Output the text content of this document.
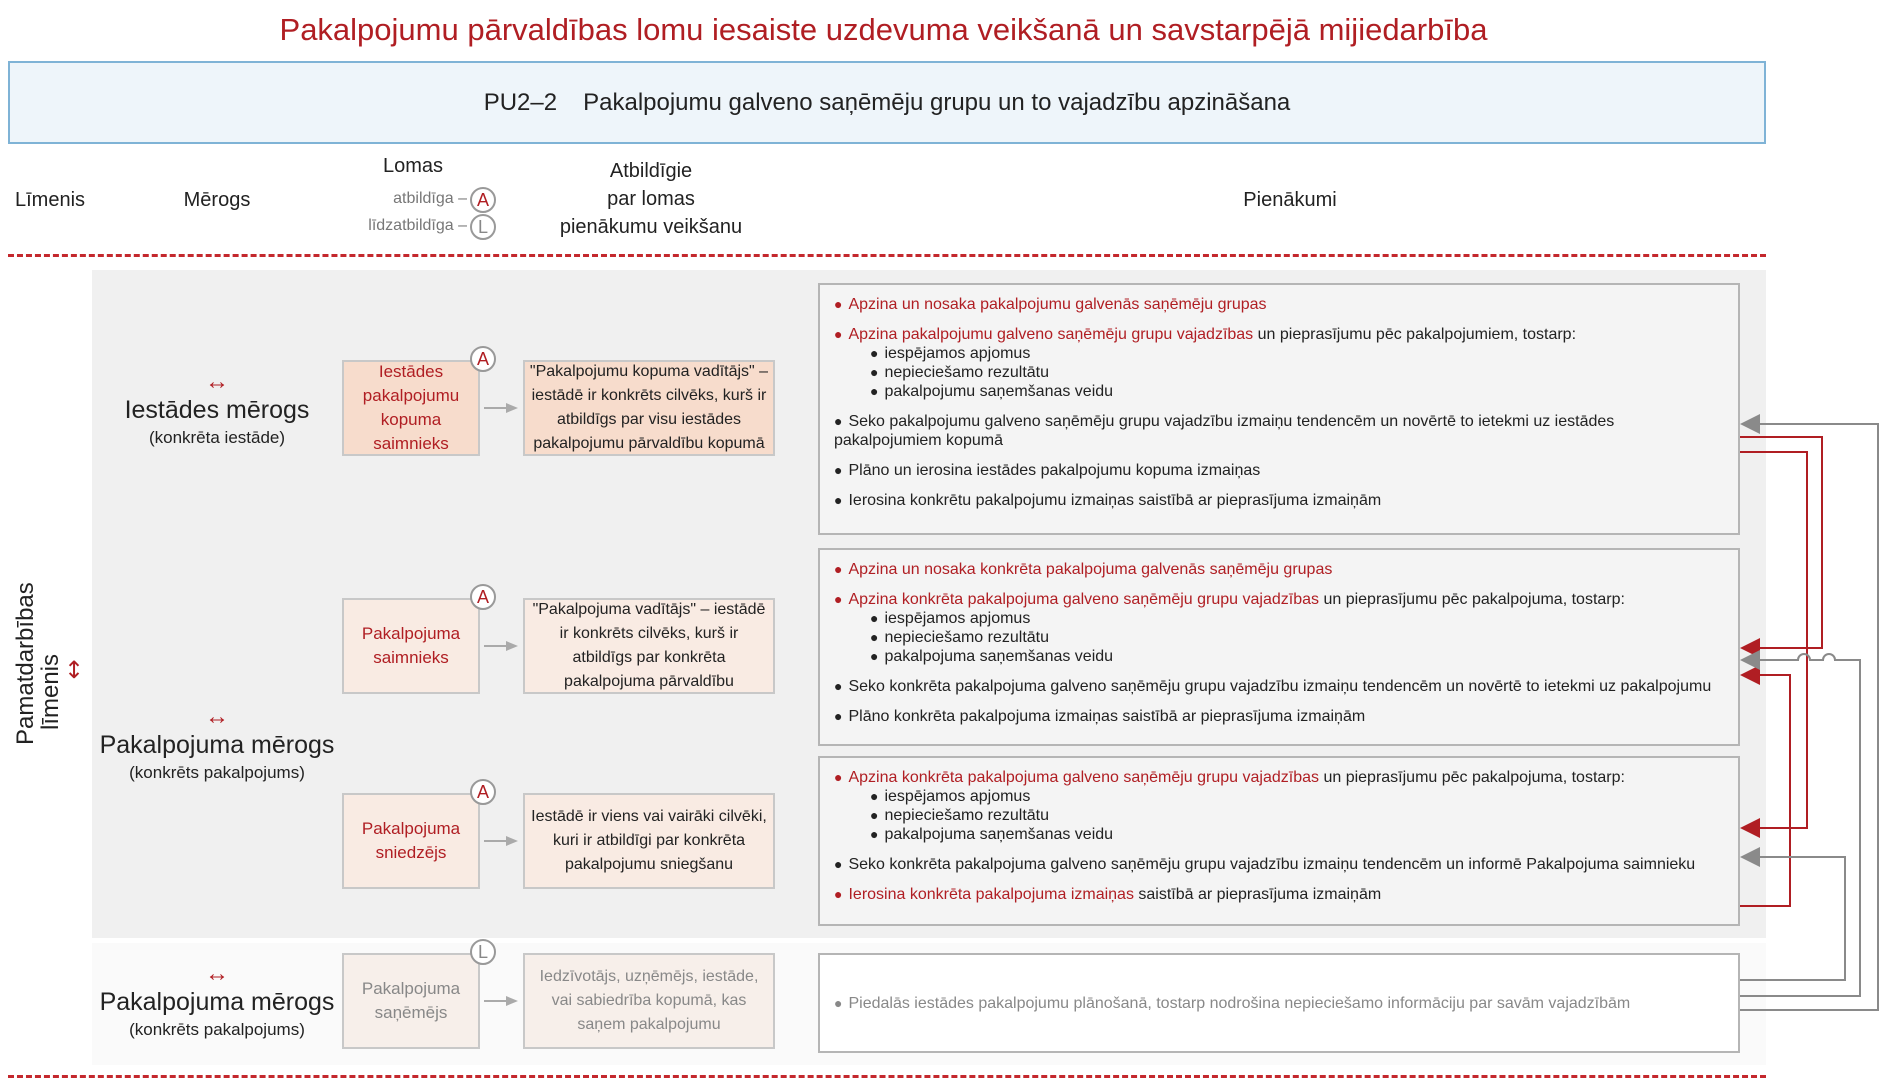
Pakalpojumu pārvaldības lomu iesaiste uzdevuma veikšanā un savstarpējā mijiedarbība
PU2–2 Pakalpojumu galveno saņēmēju grupu un to vajadzību apzināšana
Līmenis	Mērogs
Lomas
atbildīga – A
līdzatbildīga – L
Atbildīgie
par lomas
pienākumu veikšanu
Pienākumi
Pamatdarbības
līmenis ↕
↔
Iestādes mērogs
(konkrēta iestāde)
↔
Pakalpojuma mērogs
(konkrēts pakalpojums)
↔
Pakalpojuma mērogs
(konkrēts pakalpojums)
Iestādes pakalpojumu kopuma saimnieks
A
"Pakalpojumu kopuma vadītājs" – iestādē ir konkrēts cilvēks, kurš ir atbildīgs par visu iestādes pakalpojumu pārvaldību kopumā
Pakalpojuma saimnieks
A
"Pakalpojuma vadītājs" – iestādē ir konkrēts cilvēks, kurš ir atbildīgs par konkrēta pakalpojuma pārvaldību
Pakalpojuma sniedzējs
A
Iestādē ir viens vai vairāki cilvēki, kuri ir atbildīgi par konkrēta pakalpojumu sniegšanu
Pakalpojuma saņēmējs
L
Iedzīvotājs, uzņēmējs, iestāde, vai sabiedrība kopumā, kas saņem pakalpojumu
● Apzina un nosaka pakalpojumu galvenās saņēmēju grupas
● Apzina pakalpojumu galveno saņēmēju grupu vajadzības un pieprasījumu pēc pakalpojumiem, tostarp:
● iespējamos apjomus
● nepieciešamo rezultātu
● pakalpojumu saņemšanas veidu
● Seko pakalpojumu galveno saņēmēju grupu vajadzību izmaiņu tendencēm un novērtē to ietekmi uz iestādes pakalpojumiem kopumā
● Plāno un ierosina iestādes pakalpojumu kopuma izmaiņas
● Ierosina konkrētu pakalpojumu izmaiņas saistībā ar pieprasījuma izmaiņām
● Apzina un nosaka konkrēta pakalpojuma galvenās saņēmēju grupas
● Apzina konkrēta pakalpojuma galveno saņēmēju grupu vajadzības un pieprasījumu pēc pakalpojuma, tostarp:
● iespējamos apjomus
● nepieciešamo rezultātu
● pakalpojuma saņemšanas veidu
● Seko konkrēta pakalpojuma galveno saņēmēju grupu vajadzību izmaiņu tendencēm un novērtē to ietekmi uz pakalpojumu
● Plāno konkrēta pakalpojuma izmaiņas saistībā ar pieprasījuma izmaiņām
● Apzina konkrēta pakalpojuma galveno saņēmēju grupu vajadzības un pieprasījumu pēc pakalpojuma, tostarp:
● iespējamos apjomus
● nepieciešamo rezultātu
● pakalpojuma saņemšanas veidu
● Seko konkrēta pakalpojuma galveno saņēmēju grupu vajadzību izmaiņu tendencēm un informē Pakalpojuma saimnieku
● Ierosina konkrēta pakalpojuma izmaiņas saistībā ar pieprasījuma izmaiņām
● Piedalās iestādes pakalpojumu plānošanā, tostarp nodrošina nepieciešamo informāciju par savām vajadzībām
